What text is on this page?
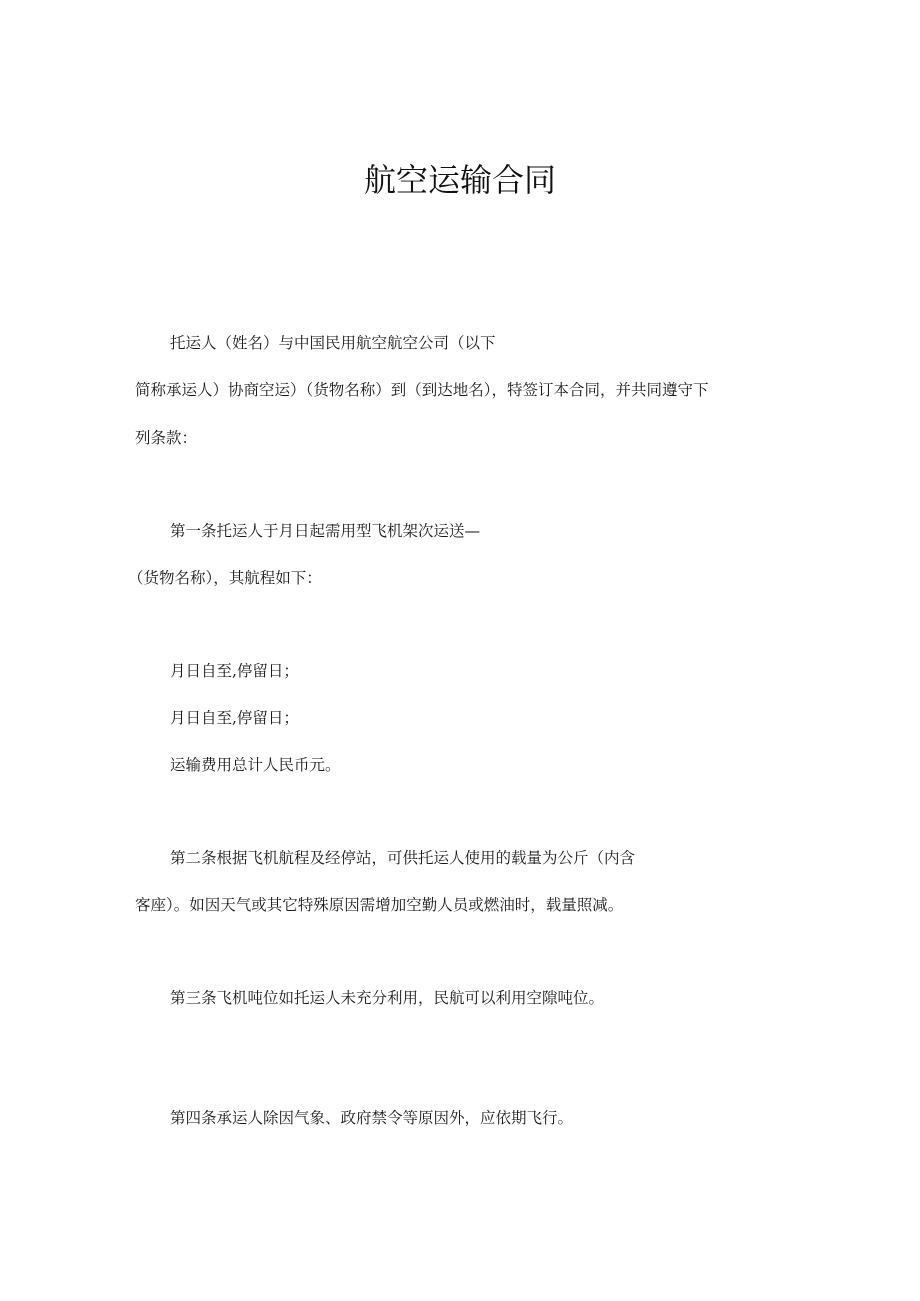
航空运输合同
托运人（姓名）与中国民用航空航空公司（以下
简称承运人）协商空运）（货物名称）到（到达地名），特签订本合同，并共同遵守下
列条款：
第一条托运人于月日起需用型飞机架次运送—
（货物名称），其航程如下：
月日自至,停留日；
月日自至,停留日；
运输费用总计人民币元。
第二条根据飞机航程及经停站，可供托运人使用的载量为公斤（内含
客座）。如因天气或其它特殊原因需增加空勤人员或燃油时，载量照减。
第三条飞机吨位如托运人未充分利用，民航可以利用空隙吨位。
第四条承运人除因气象、政府禁令等原因外，应依期飞行。
